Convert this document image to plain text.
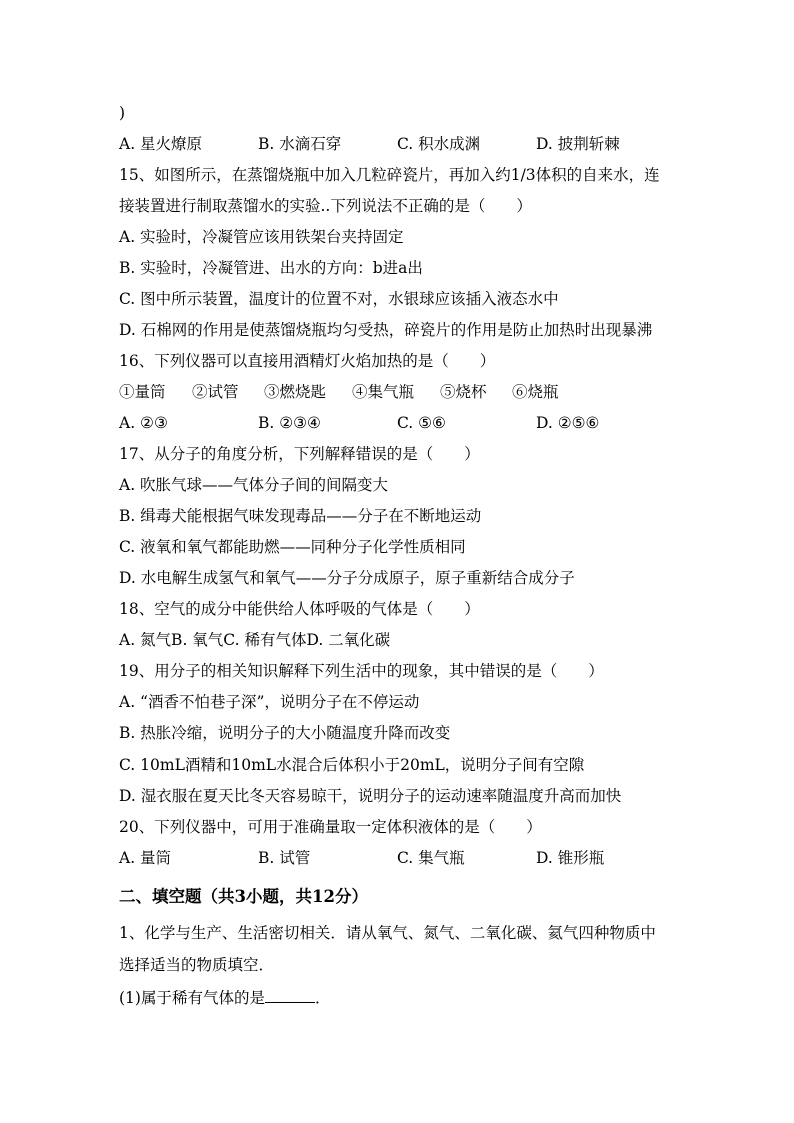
)
A. 星火燎原	B. 水滴石穿	C. 积水成渊	D. 披荆斩棘
15、如图所示，在蒸馏烧瓶中加入几粒碎瓷片，再加入约1/3体积的自来水，连
接装置进行制取蒸馏水的实验..下列说法不正确的是（　　）
A. 实验时，冷凝管应该用铁架台夹持固定
B. 实验时，冷凝管进、出水的方向：b进a出
C. 图中所示装置，温度计的位置不对，水银球应该插入液态水中
D. 石棉网的作用是使蒸馏烧瓶均匀受热，碎瓷片的作用是防止加热时出现暴沸
16、下列仪器可以直接用酒精灯火焰加热的是（　　）
①量筒 ②试管 ③燃烧匙 ④集气瓶 ⑤烧杯 ⑥烧瓶
A. ②③	B. ②③④	C. ⑤⑥	D. ②⑤⑥
17、从分子的角度分析，下列解释错误的是（　　）
A. 吹胀气球——气体分子间的间隔变大
B. 缉毒犬能根据气味发现毒品——分子在不断地运动
C. 液氧和氧气都能助燃——同种分子化学性质相同
D. 水电解生成氢气和氧气——分子分成原子，原子重新结合成分子
18、空气的成分中能供给人体呼吸的气体是（　　）
A. 氮气B. 氧气C. 稀有气体D. 二氧化碳
19、用分子的相关知识解释下列生活中的现象，其中错误的是（　　）
A. “酒香不怕巷子深”，说明分子在不停运动
B. 热胀冷缩，说明分子的大小随温度升降而改变
C. 10mL酒精和10mL水混合后体积小于20mL，说明分子间有空隙
D. 湿衣服在夏天比冬天容易晾干，说明分子的运动速率随温度升高而加快
20、下列仪器中，可用于准确量取一定体积液体的是（　　）
A. 量筒	B. 试管	C. 集气瓶	D. 锥形瓶
二、填空题（共3小题，共12分）
1、化学与生产、生活密切相关．请从氧气、氮气、二氧化碳、氦气四种物质中
选择适当的物质填空．
(1)属于稀有气体的是	．
